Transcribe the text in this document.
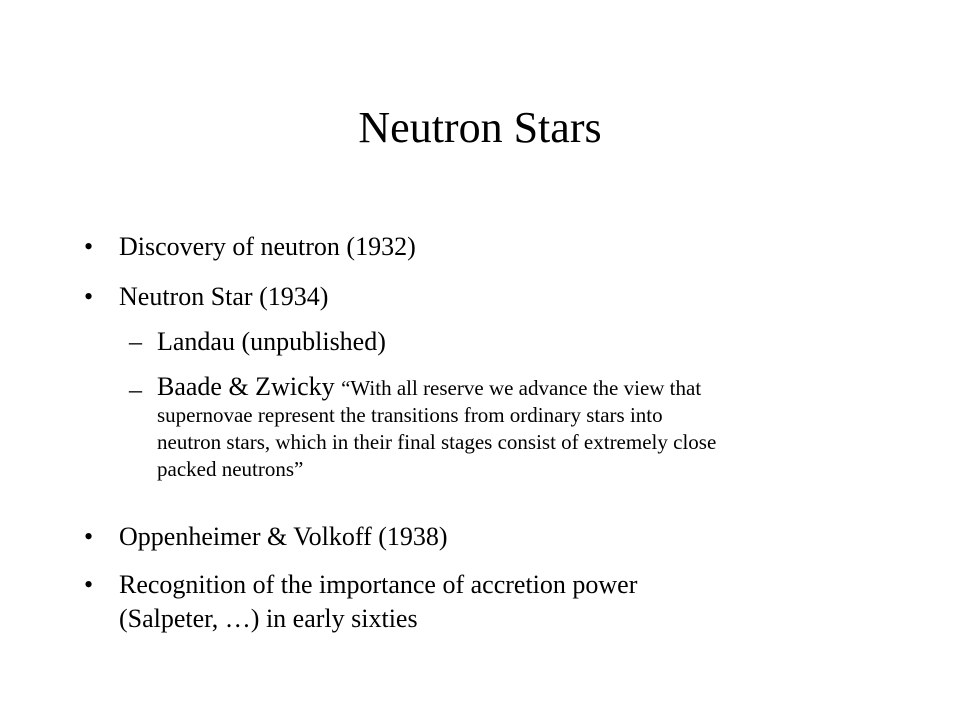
Neutron Stars
• Discovery of neutron (1932)
• Neutron Star (1934)
– Landau (unpublished)
– Baade & Zwicky “With all reserve we advance the view that
supernovae represent the transitions from ordinary stars into
neutron stars, which in their final stages consist of extremely close
packed neutrons”
• Oppenheimer & Volkoff (1938)
• Recognition of the importance of accretion power
(Salpeter, …) in early sixties
